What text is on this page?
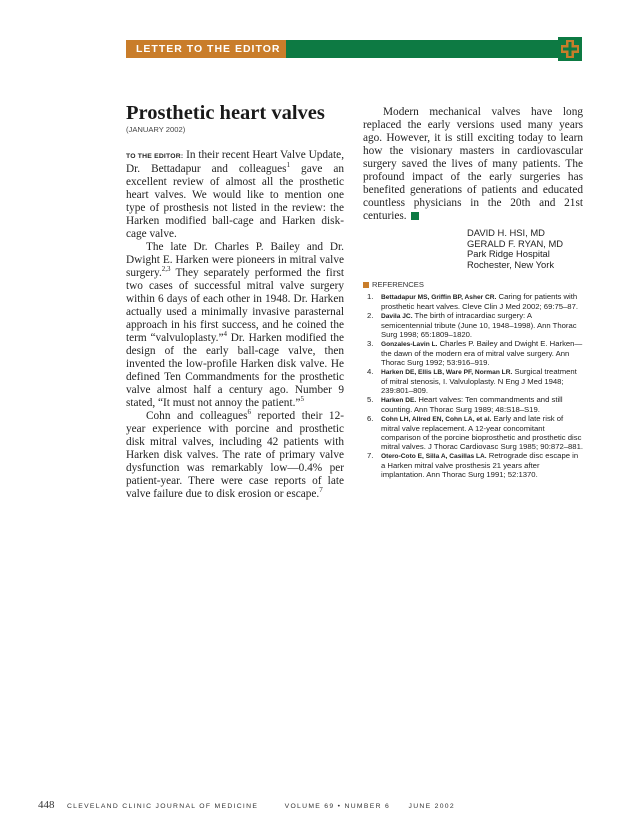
LETTER TO THE EDITOR
Prosthetic heart valves
(JANUARY 2002)

TO THE EDITOR: In their recent Heart Valve Update, Dr. Bettadapur and colleagues$^1$ gave an excellent review of almost all the prosthetic heart valves. We would like to mention one type of prosthesis not listed in the review: the Harken modified ball-cage and Harken disk-cage valve.

The late Dr. Charles P. Bailey and Dr. Dwight E. Harken were pioneers in mitral valve surgery.$^{2,3}$ They separately performed the first two cases of successful mitral valve surgery within 6 days of each other in 1948. Dr. Harken actually used a minimally invasive parasternal approach in his first success, and he coined the term “valvuloplasty.”$^4$ Dr. Harken modified the design of the early ball-cage valve, then invented the low-profile Harken disk valve. He defined Ten Commandments for the prosthetic valve almost half a century ago. Number 9 stated, “It must not annoy the patient.”$^5$

Cohn and colleagues$^6$ reported their 12-year experience with porcine and prosthetic disk mitral valves, including 42 patients with Harken disk valves. The rate of primary valve dysfunction was remarkably low—0.4% per patient-year. There were case reports of late valve failure due to disk erosion or escape.$^7$

Modern mechanical valves have long replaced the early versions used many years ago. However, it is still exciting today to learn how the visionary masters in cardiovascular surgery saved the lives of many patients. The profound impact of the early surgeries has benefited generations of patients and educated countless physicians in the 20th and 21st centuries.

DAVID H. HSI, MD
GERALD F. RYAN, MD
Park Ridge Hospital
Rochester, New York
REFERENCES
1. Bettadapur MS, Griffin BP, Asher CR. Caring for patients with prosthetic heart valves. Cleve Clin J Med 2002; 69:75–87.
2. Davila JC. The birth of intracardiac surgery: A semicentennial tribute (June 10, 1948–1998). Ann Thorac Surg 1998; 65:1809–1820.
3. Gonzales-Lavin L. Charles P. Bailey and Dwight E. Harken—the dawn of the modern era of mitral valve surgery. Ann Thorac Surg 1992; 53:916–919.
4. Harken DE, Ellis LB, Ware PF, Norman LR. Surgical treatment of mitral stenosis, I. Valvuloplasty. N Eng J Med 1948; 239:801–809.
5. Harken DE. Heart valves: Ten commandments and still counting. Ann Thorac Surg 1989; 48:S18–S19.
6. Cohn LH, Allred EN, Cohn LA, et al. Early and late risk of mitral valve replacement. A 12-year concomitant comparison of the porcine bioprosthetic and prosthetic disc mitral valves. J Thorac Cardiovasc Surg 1985; 90:872–881.
7. Otero-Coto E, Silla A, Casillas LA. Retrograde disc escape in a Harken mitral valve prosthesis 21 years after implantation. Ann Thorac Surg 1991; 52:1370.
448 CLEVELAND CLINIC JOURNAL OF MEDICINE	VOLUME 69 • NUMBER 6	JUNE 2002
